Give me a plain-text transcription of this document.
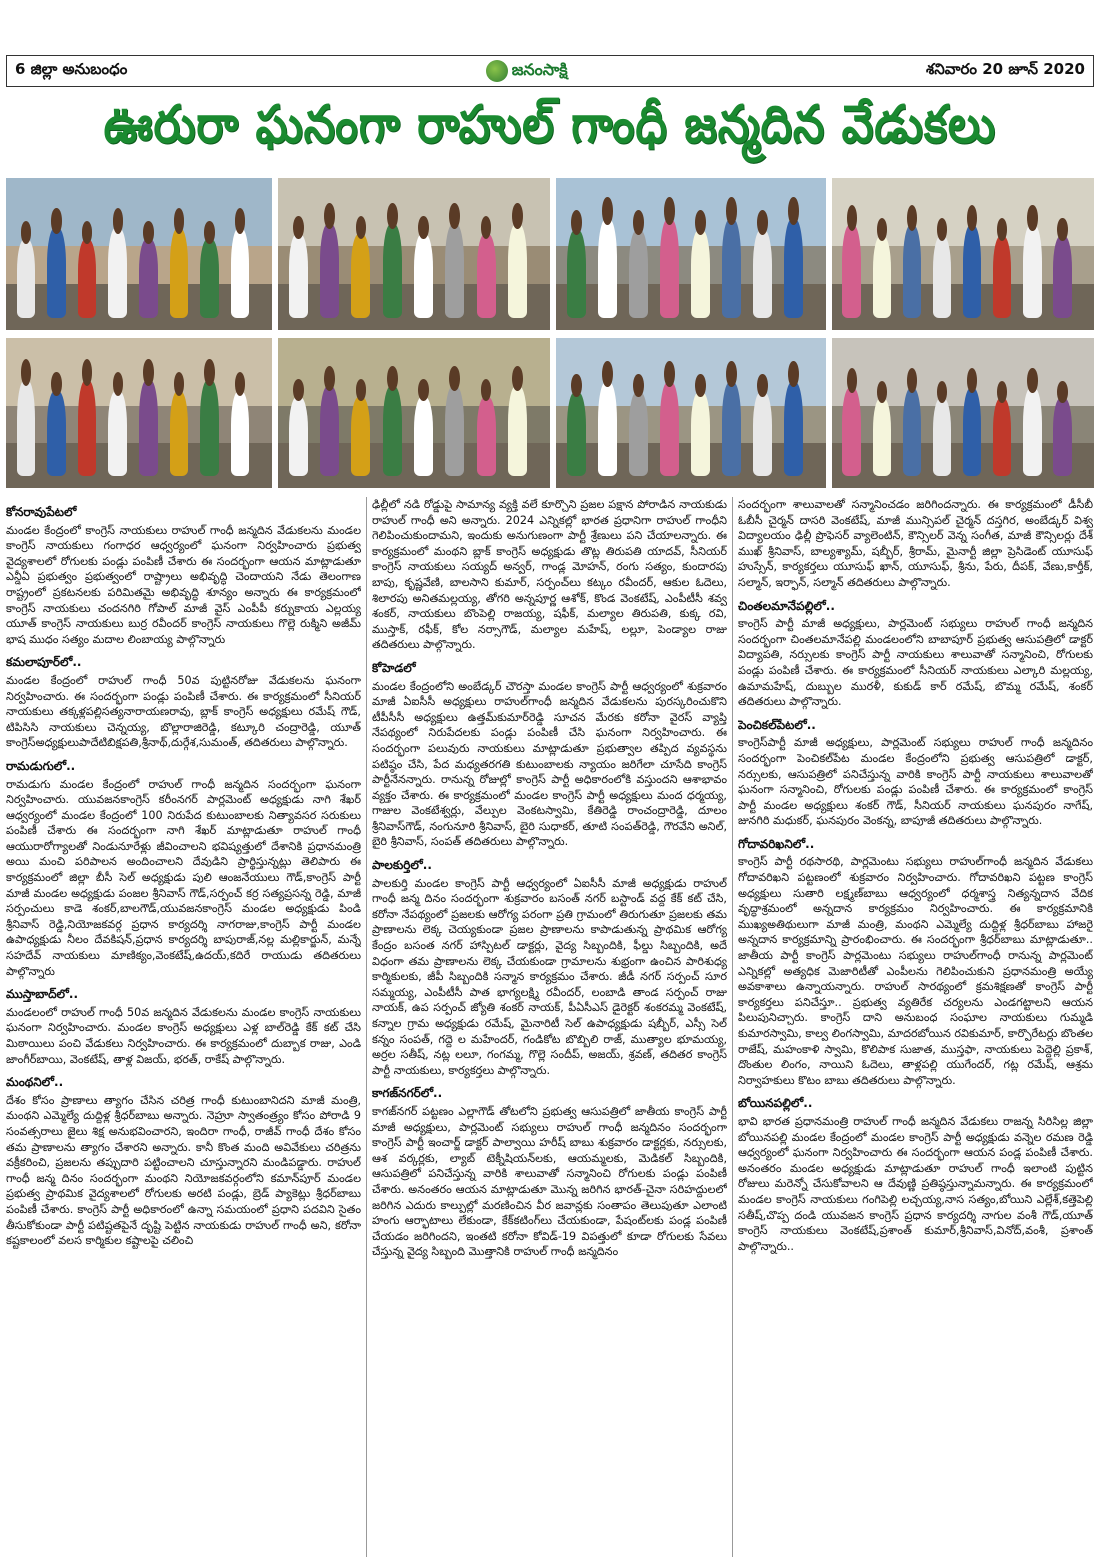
6 జిల్లా అనుబంధం	జనంసాక్షి	శనివారం 20 జూన్ 2020
ఊరురా ఘనంగా రాహుల్ గాంధీ జన్మదిన వేడుకలు
కోనరావుపేటలో

మండల కేంద్రంలో కాంగ్రెస్ నాయకులు రాహుల్ గాంధీ జన్మదిన వేడుకలను మండల కాంగ్రెస్ నాయకులు గంగాధర ఆధ్వర్యంలో ఘనంగా నిర్వహించారు ప్రభుత్వ వైద్యశాలలో రోగులకు పండ్లు పంపిణీ చేశారు ఈ సందర్భంగా ఆయన మాట్లాడుతూ ఎన్డీఏ ప్రభుత్వం ప్రభుత్వంలో రాష్ట్రాలు అభివృద్ధి చెందాయని నేడు తెలంగాణ రాష్ట్రంలో ప్రకటనలకు పరిమితమై అభివృద్ధి శూన్యం అన్నారు ఈ కార్యక్రమంలో కాంగ్రెస్ నాయకులు చందనగిరి గోపాల్ మాజీ వైస్ ఎంపీపీ కర్నుకాయ ఎల్లయ్య యూత్ కాంగ్రెస్ నాయకులు బుర్ర రవీందర్ కాంగ్రెస్ నాయకులు గొల్లె రుక్మిని అజీమ్ భాష ముధం సత్యం మదాల లింబాయ్య పాల్గొన్నారు

కమలాపూర్‌లో..

మండల కేంద్రంలో రాహుల్ గాంధీ 50వ పుట్టినరోజు వేడుకలను ఘనంగా నిర్వహించారు. ఈ సందర్భంగా పండ్లు పంపిణీ చేశారు. ఈ కార్యక్రమంలో సీనియర్ నాయకులు తక్కళ్లపల్లిసత్యనారాయణరావు, బ్లాక్ కాంగ్రెస్ అధ్యక్షులు రమేష్ గౌడ్, టిపిసిసి నాయకులు చెన్నయ్య, బొల్లారాజిరెడ్డి, కట్కూరి చంద్రారెడ్డి, యూత్ కాంగ్రెస్అధ్యక్షులుపాదేటిబిక్షపతి,శ్రీనాథ్,దుర్గేశ,సుమంత్, తదితరులు పాల్గొన్నారు.

రామడుగులో..

రామడుగు మండల కేంద్రంలో రాహుల్ గాంధీ జన్మదిన సందర్భంగా ఘనంగా నిర్వహించారు. యువజనకాంగ్రెస్ కరీంనగర్ పార్లమెంట్ అధ్యక్షుడు నాగి శేఖర్ ఆధ్వర్యంలో మండల కేంద్రంలో 100 నిరుపేద కుటుంబాలకు నిత్యావసర సరుకులు పంపిణీ చేశారు ఈ సందర్భంగా నాగి శేఖర్ మాట్లాడుతూ రాహుల్ గాంధీ ఆయురారోగ్యాలతో నిండునూరేళ్లు జీవించాలని భవిష్యత్తులో దేశానికి ప్రధానమంత్రి అయి మంచి పరిపాలన అందించాలని దేవుడిని ప్రార్థిస్తున్నట్లు తెలిపారు ఈ కార్యక్రమంలో జిల్లా బీసీ సెల్ అధ్యక్షుడు పులి ఆంజనేయులు గౌడ్,కాంగ్రెస్ పార్టీ మాజీ మండల అధ్యక్షుడు పంజల శ్రీనివాస్ గౌడ్,సర్పంచ్ కర్ర సత్యప్రసన్న రెడ్డి, మాజీ సర్పంచులు కాడె శంకర్,బాలగౌడ్,యువజనకాంగ్రెస్ మండల అధ్యక్షుడు పిండి శ్రీనివాస్ రెడ్డి,నియోజకవర్గ ప్రధాన కార్యదర్శి నాగరాజు,కాంగ్రెస్ పార్టీ మండల ఉపాధ్యక్షుడు నీలం దేవకిషన్,ప్రధాన కార్యదర్శి బాపురాజ్,నల్ల మల్లికార్జున్, మన్నే సహదేవ్ నాయకులు మాణిక్యం,వెంకటేష్,ఉదయ్,కదిరే రాయుడు తదితరులు పాల్గొన్నారు

ముస్తాబాద్‌లో..

మండలంలో రాహుల్ గాంధీ 50వ జన్మదిన వేడుకలను మండల కాంగ్రెస్ నాయకులు ఘనంగా నిర్వహించారు. మండల కాంగ్రెస్ అధ్యక్షులు ఎళ్ల బాల్‌రెడ్డి కేక్ కట్ చేసి మిఠాయిలు పంచి వేడుకలు నిర్వహించారు. ఈ కార్యక్రమంలో దుబ్బాక రాజు, ఎండి జాంగీర్‌బాయి, వెంకటేష్, తాళ్ల విజయ్, భరత్, రాకేష్ పాల్గొన్నారు.

మంథనిలో..

దేశం కోసం ప్రాణాలు త్యాగం చేసిన చరిత్ర గాంధీ కుటుంబానిదని మాజీ మంత్రి, మంథని ఎమ్మెల్యే దుద్దిళ్ల శ్రీధర్‌బాబు అన్నారు. నెహ్రూ స్వాతంత్ర్యం కోసం పోరాడి 9 సంవత్సరాలు జైలు శిక్ష అనుభవించారని, ఇందిరా గాంధీ, రాజీవ్ గాంధీ దేశం కోసం తమ ప్రాణాలను త్యాగం చేశారని అన్నారు. కానీ కొంత మంది అవివేకులు చరిత్రను వక్రీకరించి, ప్రజలను తప్పుదారి పట్టించాలని చూస్తున్నారని మండిపడ్డారు. రాహుల్ గాంధీ జన్మ దినం సందర్భంగా మంథని నియోజకవర్గంలోని కమాన్‌పూర్ మండల ప్రభుత్వ ప్రాథమిక వైద్యశాలలో రోగులకు అరటి పండ్లు, బ్రెడ్ ప్యాకెట్లు శ్రీధర్‌బాబు పంపిణీ చేశారు. కాంగ్రెస్ పార్టీ అధికారంలో ఉన్నా సమయంలో ప్రధాని పదవిని సైతం తీసుకోకుండా పార్టీ పటిష్టతపైనే దృష్టి పెట్టిన నాయకుడు రాహుల్ గాంధీ అని, కరోనా కష్టకాలంలో వలస కార్మికుల కష్టాలపై చలించి

ఢిల్లీలో నడి రోడ్డుపై సామాన్య వ్యక్తి వలే కూర్చొని ప్రజల పక్షాన పోరాడిన నాయకుడు రాహుల్ గాంధీ అని అన్నారు. 2024 ఎన్నికల్లో భారత ప్రధానిగా రాహుల్ గాంధీని గెలిపించుకుందామని, ఇందుకు అనుగుణంగా పార్టీ శ్రేణులు పని చేయాలన్నారు. ఈ కార్యక్రమంలో మంథని బ్లాక్ కాంగ్రెస్ అధ్యక్షుడు తొట్ల తిరుపతి యాదవ్, సీనియర్ కాంగ్రెస్ నాయకులు సయ్యద్ అన్వర్, గాండ్ల మోహన్, రంగు సత్యం, కుందారపు బాపు, కృష్ణవేణి, బాలసాని కుమార్, సర్పంచ్‌లు కట్కం రవీందర్, ఆకుల ఓదెలు, శిలారపు అనితమల్లయ్య, తోగరి అన్నపూర్ణ ఆశోక్, కొండ వెంకటేష్, ఎంపీటీసీ శవ్వ శంకర్, నాయకులు బొంపెల్లి రాజయ్య, షఫీక్, మల్యాల తిరుపతి, కుక్క రవి, ముస్తాక్, రఫీక్, కోల నర్సాగౌడ్, మల్యాల మహేష్, లల్లూ, పెండ్యాల రాజు తదితరులు పాల్గొన్నారు.

కోహెడలో

మండల కేంద్రంలోని అంబేడ్కర్ చౌరస్తా మండల కాంగ్రెస్ పార్టీ ఆధ్వర్యంలో శుక్రవారం మాజీ ఏఐసీసీ అధ్యక్షులు రాహుల్‌గాంధీ జన్మదిన వేడుకలను పురస్కరించుకొని టీపీసీసీ అధ్యక్షులు ఉత్తమ్‌కుమార్‌రెడ్డి సూచన మేరకు కరోనా వైరస్ వ్యాప్తి నేపథ్యంలో నిరుపేదలకు పండ్లు పంపిణీ చేసి ఘనంగా నిర్వహించారు. ఈ సందర్భంగా పలువురు నాయకులు మాట్లాడుతూ ప్రభుత్వాల తప్పిద వ్యవస్థను పటిష్ఠం చేసి, పేద మధ్యతరగతి కుటుంబాలకు న్యాయం జరిగేలా చూసేది కాంగ్రెస్ పార్టీనేనన్నారు. రానున్న రోజుల్లో కాంగ్రెస్ పార్టీ అధికారంలోకి వస్తుందని ఆశాభావం వ్యక్తం చేశారు. ఈ కార్యక్రమంలో మండల కాంగ్రెస్ పార్టీ అధ్యక్షులు మంద ధర్మయ్య, గాజుల వెంకటేశ్వర్లు, వేల్పుల వెంకటస్వామి, కేతిరెడ్డి రాంచంద్రారెడ్డి, దూలం శ్రీనివాస్‌గౌడ్, నంగునూరి శ్రీనివాస్, బైరి సుధాకర్, తూటి సంపత్‌రెడ్డి, గౌరవేని అనిల్, బైరి శ్రీనివాస్, సంపత్ తదితరులు పాల్గొన్నారు.

పాలకుర్తిలో..

పాలకుర్తి మండల కాంగ్రెస్ పార్టీ ఆధ్వర్యంలో ఏఐసీసీ మాజీ అధ్యక్షుడు రాహుల్ గాంధీ జన్మ దినం సందర్భంగా శుక్రవారం బసంత్ నగర్ బస్టాండ్ వద్ద కేక్ కట్ చేసి, కరోనా నేపథ్యంలో ప్రజలకు ఆరోగ్య పరంగా ప్రతి గ్రామంలో తిరుగుతూ ప్రజలకు తమ ప్రాణాలను లెక్క చెయ్యకుండా ప్రజల ప్రాణాలను కాపాడుతున్న ప్రాథమిక ఆరోగ్య కేంద్రం బసంత నగర్ హాస్పిటల్ డాక్టర్లు, వైద్య సిబ్బందికి, ఫీల్డు సిబ్బందికి, అదే విధంగా తమ ప్రాణాలను లెక్క చేయకుండా గ్రామాలను శుభ్రంగా ఉంచిన పారిశుధ్య కార్మికులకు, జీపీ సిబ్బందికి సన్మాన కార్యక్రమం చేశారు. జీడీ నగర్ సర్పంచ్ సూర సమ్మయ్య, ఎంపీటీసీ పాత భాగ్యలక్ష్మి రవీందర్, లంబాడి తాండ సర్పంచ్ రాజు నాయక్, ఉప సర్పంచ్ జ్యోతి శంకర్ నాయక్, పీఏసీఎస్ డైరెక్టర్ శంకరమ్మ వెంకటేష్, కన్నాల గ్రామ అధ్యక్షుడు రమేష్, మైనారిటీ సెల్ ఉపాధ్యక్షుడు షబ్బీర్, ఎస్సీ సెల్ కన్నం సంపత్, గద్దె ల మహేందర్, గండికోట బొబ్బిలి రాజ్, ముత్యాల భూమయ్య, అర్రల సతీష్, నట్ల లలూ, గంగమ్మ, గొల్లె సందీప్, అజయ్, శ్రవణ్, తదితర కాంగ్రెస్ పార్టీ నాయకులు, కార్యకర్తలు పాల్గొన్నారు.

కాగజ్‌నగర్‌లో..

కాగజ్‌నగర్ పట్టణం ఎల్లాగౌడ్ తోటలోని ప్రభుత్వ ఆసుపత్రిలో జాతీయ కాంగ్రెస్ పార్టీ మాజీ అధ్యక్షులు, పార్లమెంట్ సభ్యులు రాహుల్ గాంధీ జన్మదినం సందర్భంగా కాంగ్రెస్ పార్టీ ఇంచార్జ్ డాక్టర్ పాల్వాయి హరీష్ బాబు శుక్రవారం డాక్టర్లకు, నర్సులకు, ఆశ వర్కర్లకు, ల్యాబ్ టెక్నీషియన్‌లకు, ఆయమ్మలకు, మెడికల్ సిబ్బందికి, ఆసుపత్రిలో పనిచేస్తున్న వారికి శాలువాతో సన్మానించి రోగులకు పండ్లు పంపిణీ చేశారు. అనంతరం ఆయన మాట్లాడుతూ మొన్న జరిగిన భారత్-చైనా సరిహద్దులలో జరిగిన ఎదురు కాల్పుల్లో మరణించిన వీర జవాన్లకు సంతాపం తెలుపుతూ ఎలాంటి హంగు ఆర్భాటాలు లేకుండా, కేక్‌కటింగ్‌లు చేయకుండా, పేషంట్‌లకు పండ్ల పంపిణీ చేయడం జరిగిందని, ఇంతటి కరోనా కోవిడ్-19 విపత్తులో కూడా రోగులకు సేవలు చేస్తున్న వైద్య సిబ్బంది మొత్తానికి రాహుల్ గాంధీ జన్మదినం

సందర్భంగా శాలువాలతో సన్మానించడం జరిగిందన్నారు. ఈ కార్యక్రమంలో డీసీబీ ఓబీసీ చైర్మన్ దాసరి వెంకటేష్, మాజీ మున్సిపల్ చైర్మన్ దస్తగిర, అంబేడ్కర్ విశ్వ విద్యాలయం ఢిల్లీ ప్రొఫెసర్ వ్యాలెంటిన్, కౌన్సిలర్ వెన్న సంగీత, మాజీ కౌన్సిలర్లు దేశ్ ముఖ్ శ్రీనివాస్, బాల్యశ్యామ్, షబ్బీర్, శ్రీరామ్, మైనార్టీ జిల్లా ప్రెసిడెంట్ యూసుఫ్ హుస్సేన్, కార్యకర్తలు యూసుఫ్ ఖాన్, యూసుఫ్, శ్రీను, పేరు, దీపక్, వేణు,కార్తీక్, సల్మాన్, ఇర్ఫాన్, సల్మాన్ తదితరులు పాల్గొన్నారు.

చింతలమానేపల్లిలో..

కాంగ్రెస్ పార్టీ మాజీ అధ్యక్షులు, పార్లమెంట్ సభ్యులు రాహుల్ గాంధీ జన్మదిన సందర్భంగా చింతలమానేపల్లి మండలంలోని బాబాపూర్ ప్రభుత్వ ఆసుపత్రిలో డాక్టర్ విద్యాపతి, నర్సులకు కాంగ్రెస్ పార్టీ నాయకులు శాలువాతో సన్మానించి, రోగులకు పండ్లు పంపిణీ చేశారు. ఈ కార్యక్రమంలో సీనియర్ నాయకులు ఎల్కారి మల్లయ్య, ఉమామహేష్, దుబ్బుల మురళీ, కుకుడ్ కార్ రమేష్, బొమ్మ రమేష్, శంకర్ తదితరులు పాల్గొన్నారు.

పెంచికల్‌పేటలో..

కాంగ్రెస్‌పార్టీ మాజీ అధ్యక్షులు, పార్లమెంట్ సభ్యులు రాహుల్ గాంధీ జన్మదినం సందర్భంగా పెంచికల్‌పేట మండల కేంద్రంలోని ప్రభుత్వ ఆసుపత్రిలో డాక్టర్, నర్సులకు, ఆసుపత్రిలో పనిచేస్తున్న వారికి కాంగ్రెస్ పార్టీ నాయకులు శాలువాలతో ఘనంగా సన్మానించి, రోగులకు పండ్లు పంపిణీ చేశారు. ఈ కార్యక్రమంలో కాంగ్రెస్ పార్టీ మండల అధ్యక్షులు శంకర్ గౌడ్, సీనియర్ నాయకులు ఘనపురం నాగేష్, జునగిరి మధుకర్, ఘనపురం వెంకన్న, బాపూజీ తదితరులు పాల్గొన్నారు.

గోదావరిఖనిలో..

కాంగ్రెస్ పార్టీ రథసారథి, పార్లమెంటు సభ్యులు రాహుల్‌గాంధీ జన్మదిన వేడుకలు గోదావరిఖని పట్టణంలో శుక్రవారం నిర్వహించారు. గోదావరిఖని పట్టణ కాంగ్రెస్ అధ్యక్షులు సుతారి లక్ష్మణ్‌బాబు ఆధ్వర్యంలో ధర్మశాస్త్ర నిత్యన్నదాన వేదిక వృద్ధాశ్రమంలో అన్నదాన కార్యక్రమం నిర్వహించారు. ఈ కార్యక్రమానికి ముఖ్యఅతిథులుగా మాజీ మంత్రి, మంథని ఎమ్మెల్యే దుద్దిళ్ల శ్రీధర్‌బాబు హాజరై అన్నదాన కార్యక్రమాన్ని ప్రారంభించారు. ఈ సందర్భంగా శ్రీధర్‌బాబు మాట్లాడుతూ.. జాతీయ పార్టీ కాంగ్రెస్ పార్లమెంటు సభ్యులు రాహుల్‌గాంధీ రానున్న పార్లమెంట్ ఎన్నికల్లో అత్యధిక మెజారిటీతో ఎంపీలను గెలిపించుకుని ప్రధానమంత్రి అయ్యే అవకాశాలు ఉన్నాయన్నారు. రాహుల్ సారథ్యంలో క్రమశిక్షణతో కాంగ్రెస్ పార్టీ కార్యకర్తలు పనిచేస్తూ.. ప్రభుత్వ వ్యతిరేక చర్యలను ఎండగట్టాలని ఆయన పిలుపునిచ్చారు. కాంగ్రెస్ దాని అనుబంధ సంఘాల నాయకులు గుమ్మడి కుమారస్వామి, కాల్వ లింగస్వామి, మాదరబోయిన రవికుమార్, కార్పొరేటర్లు బొంతల రాజేష్, మహంకాళి స్వామి, కొలిపాక సుజాత, ముస్తఫా, నాయకులు పెద్దెల్లి ప్రకాశ్, దొంతుల లింగం, నాయిని ఓదెలు, తాళ్లపల్లి యుగేందర్, గట్ల రమేష్, ఆశ్రమ నిర్వాహకులు కొటం బాబు తదితరులు పాల్గొన్నారు.

బోయినపల్లిలో..

భావి భారత ప్రధానమంత్రి రాహుల్ గాంధీ జన్మదిన వేడుకలు రాజన్న సిరిసిల్ల జిల్లా బోయినపల్లి మండల కేంద్రంలో మండల కాంగ్రెస్ పార్టీ అధ్యక్షుడు వన్నెల రమణ రెడ్డి ఆధ్వర్యంలో ఘనంగా నిర్వహించారు ఈ సందర్భంగా ఆయన పండ్ల పంపిణీ చేశారు. అనంతరం మండల అధ్యక్షుడు మాట్లాడుతూ రాహుల్ గాంధీ ఇలాంటి పుట్టిన రోజులు మరెన్నో చేసుకోవాలని ఆ దేవుణ్ణి ప్రతిష్ఠస్తున్నామన్నారు. ఈ కార్యక్రమంలో మండల కాంగ్రెస్ నాయకులు గంగిపెల్లి లచ్చయ్య,నాస సత్యం,బోయిని ఎల్లేశ్,కత్తెపెల్లి సతీష్,చొప్ప దండి యువజన కాంగ్రెస్ ప్రధాన కార్యదర్శి నాగుల వంశీ గౌడ్,యూత్ కాంగ్రెస్ నాయకులు వెంకటేష్,ప్రశాంత్ కుమార్,శ్రీనివాస్,వినోద్,వంశీ, ప్రశాంత్ పాల్గొన్నారు..
